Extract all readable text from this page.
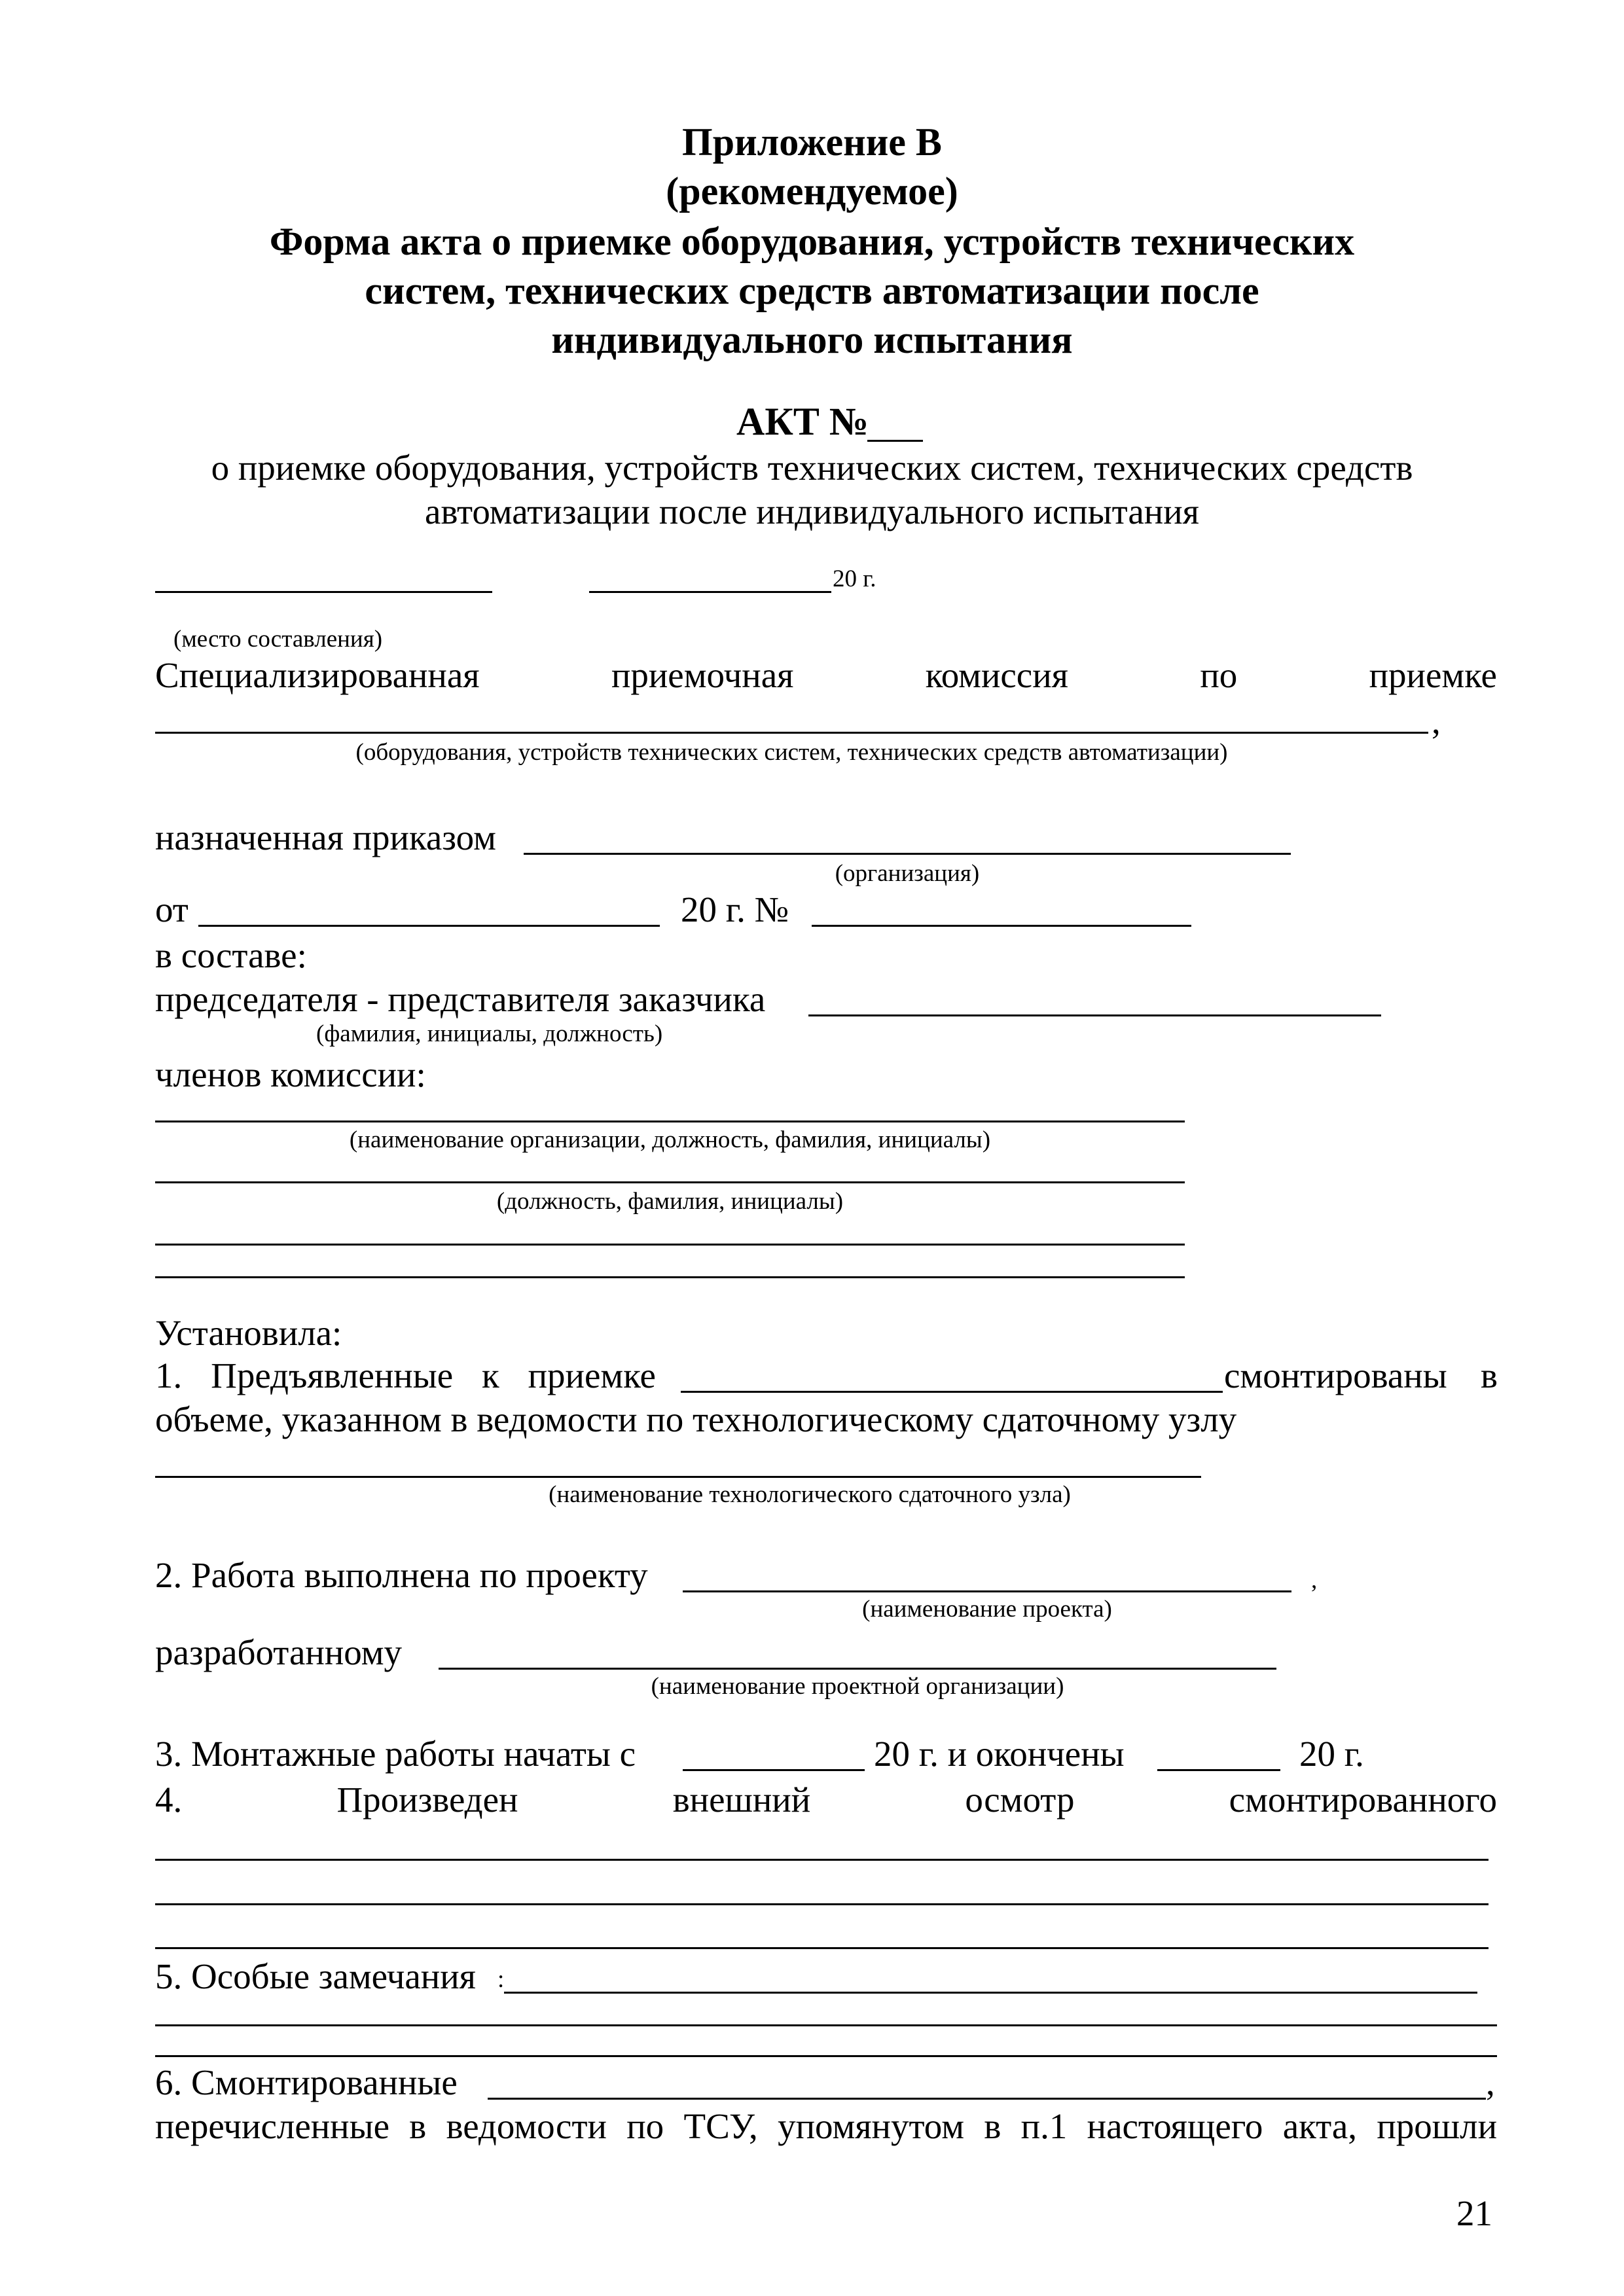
Приложение В
(рекомендуемое)
Форма акта о приемке оборудования, устройств технических
систем, технических средств автоматизации после
индивидуального испытания
АКТ №
о приемке оборудования, устройств технических систем, технических средств
автоматизации после индивидуального испытания
20 г.
(место составления)
Специализированная	приемочная	комиссия	по	приемке
,
(оборудования, устройств технических систем, технических средств автоматизации)
назначенная приказом
(организация)
от	20 г. №
в составе:
председателя - представителя заказчика
(фамилия, инициалы, должность)
членов комиссии:
(наименование организации, должность, фамилия, инициалы)
(должность, фамилия, инициалы)
Установила:
1. Предъявленные к приемке	смонтированы в
объеме, указанном в ведомости по технологическому сдаточному узлу
(наименование технологического сдаточного узла)
2. Работа выполнена по проекту	,
(наименование проекта)
разработанному
(наименование проектной организации)
3. Монтажные работы начаты с	20 г. и окончены	20 г.
4.	Произведен	внешний	осмотр	смонтированного
5. Особые замечания :
6. Смонтированные	,
перечисленные в ведомости по ТСУ, упомянутом в п.1 настоящего акта, прошли
21
